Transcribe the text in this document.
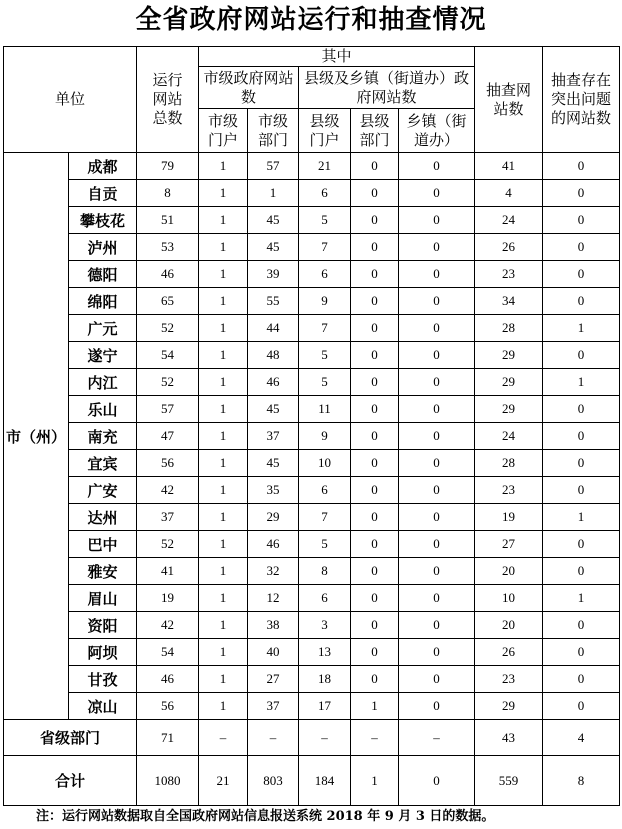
全省政府网站运行和抽查情况
单位		运行网站总数	其中					抽查网站数	抽查存在突出问题的网站数

			市级政府网站数		县级及乡镇（街道办）政府网站数				

			市级门户	市级部门	县级门户	县级部门	乡镇（街道办）		

市（州）	成都	79	1	57	21	0	0	41	0
	自贡	8	1	1	6	0	0	4	0
	攀枝花	51	1	45	5	0	0	24	0
	泸州	53	1	45	7	0	0	26	0
	德阳	46	1	39	6	0	0	23	0
	绵阳	65	1	55	9	0	0	34	0
	广元	52	1	44	7	0	0	28	1
	遂宁	54	1	48	5	0	0	29	0
	内江	52	1	46	5	0	0	29	1
	乐山	57	1	45	11	0	0	29	0
	南充	47	1	37	9	0	0	24	0
	宜宾	56	1	45	10	0	0	28	0
	广安	42	1	35	6	0	0	23	0
	达州	37	1	29	7	0	0	19	1
	巴中	52	1	46	5	0	0	27	0
	雅安	41	1	32	8	0	0	20	0
	眉山	19	1	12	6	0	0	10	1
	资阳	42	1	38	3	0	0	20	0
	阿坝	54	1	40	13	0	0	26	0
	甘孜	46	1	27	18	0	0	23	0
	凉山	56	1	37	17	1	0	29	0
省级部门		71	–	–	–	–	–	43	4
合计		1080	21	803	184	1	0	559	8
注：运行网站数据取自全国政府网站信息报送系统 2018 年 9 月 3 日的数据。
